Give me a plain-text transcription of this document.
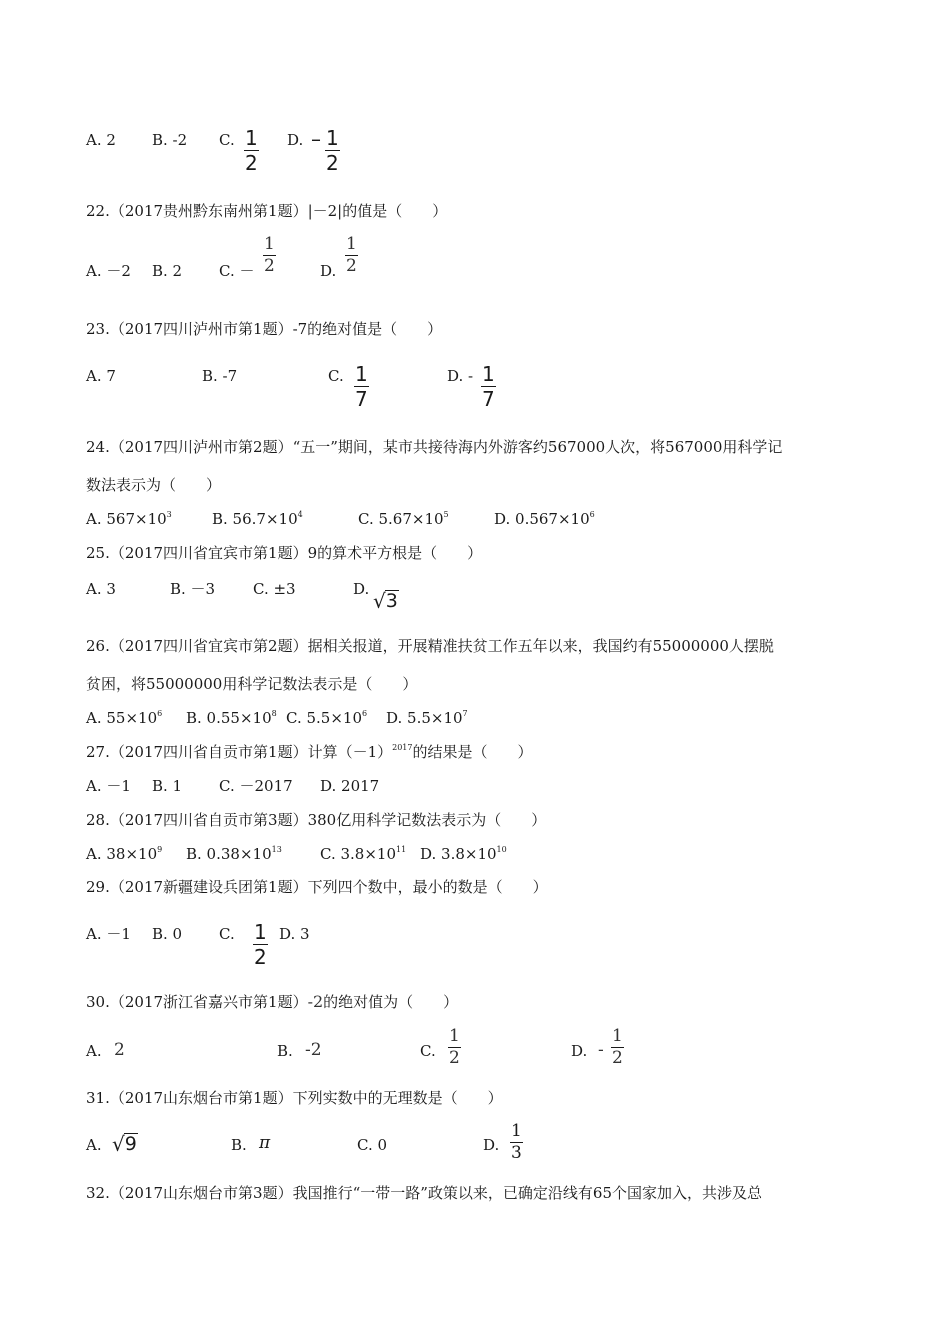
A. 2 B. -2 C. 1
2
D. – 1
2
22.（2017贵州黔东南州第1题）|－2|的值是（　　）
A. －2 B. 2 C. －
1
2	D.
1
2
23.（2017四川泸州市第1题）-7的绝对值是（　　）
A. 7	B. -7	C. 1
7
D. - 1
7
24.（2017四川泸州市第2题）“五一”期间，某市共接待海内外游客约567000人次，将567000用科学记
数法表示为（　　）
A. $567\times 10^3$	B. $56.7\times 10^4$	C. $5.67\times 10^5$	D. $0.567\times 10^6$
25.（2017四川省宜宾市第1题）9的算术平方根是（　　）
A. 3	B. －3	C. ±3	D. √ 3
26.（2017四川省宜宾市第2题）据相关报道，开展精准扶贫工作五年以来，我国约有55000000人摆脱
贫困，将55000000用科学记数法表示是（　　）
A. $55\times 10^6$ B. $0.55\times 10^8$ C. $5.5\times 10^6$ D. $5.5\times 10^7$
27.（2017四川省自贡市第1题）计算$(-1)^{2017}$的结果是（　　）
A. －1 B. 1 C. －2017 D. 2017
28.（2017四川省自贡市第3题）380亿用科学记数法表示为（　　）
A. $38\times 10^9$ B. $0.38\times 10^{13}$	C. $3.8\times 10^{11}$ D. $3.8\times 10^{10}$
29.（2017新疆建设兵团第1题）下列四个数中，最小的数是（　　）
A. －1 B. 0 C. 1
2
D. 3
30.（2017浙江省嘉兴市第1题）-2的绝对值为（　　）
A. 2	B. -2	C.
1
2	D. -
1
2
31.（2017山东烟台市第1题）下列实数中的无理数是（　　）
A. √ 9	B. π	C. 0	D.
1
3
32.（2017山东烟台市第3题）我国推行“一带一路”政策以来，已确定沿线有65个国家加入，共涉及总
